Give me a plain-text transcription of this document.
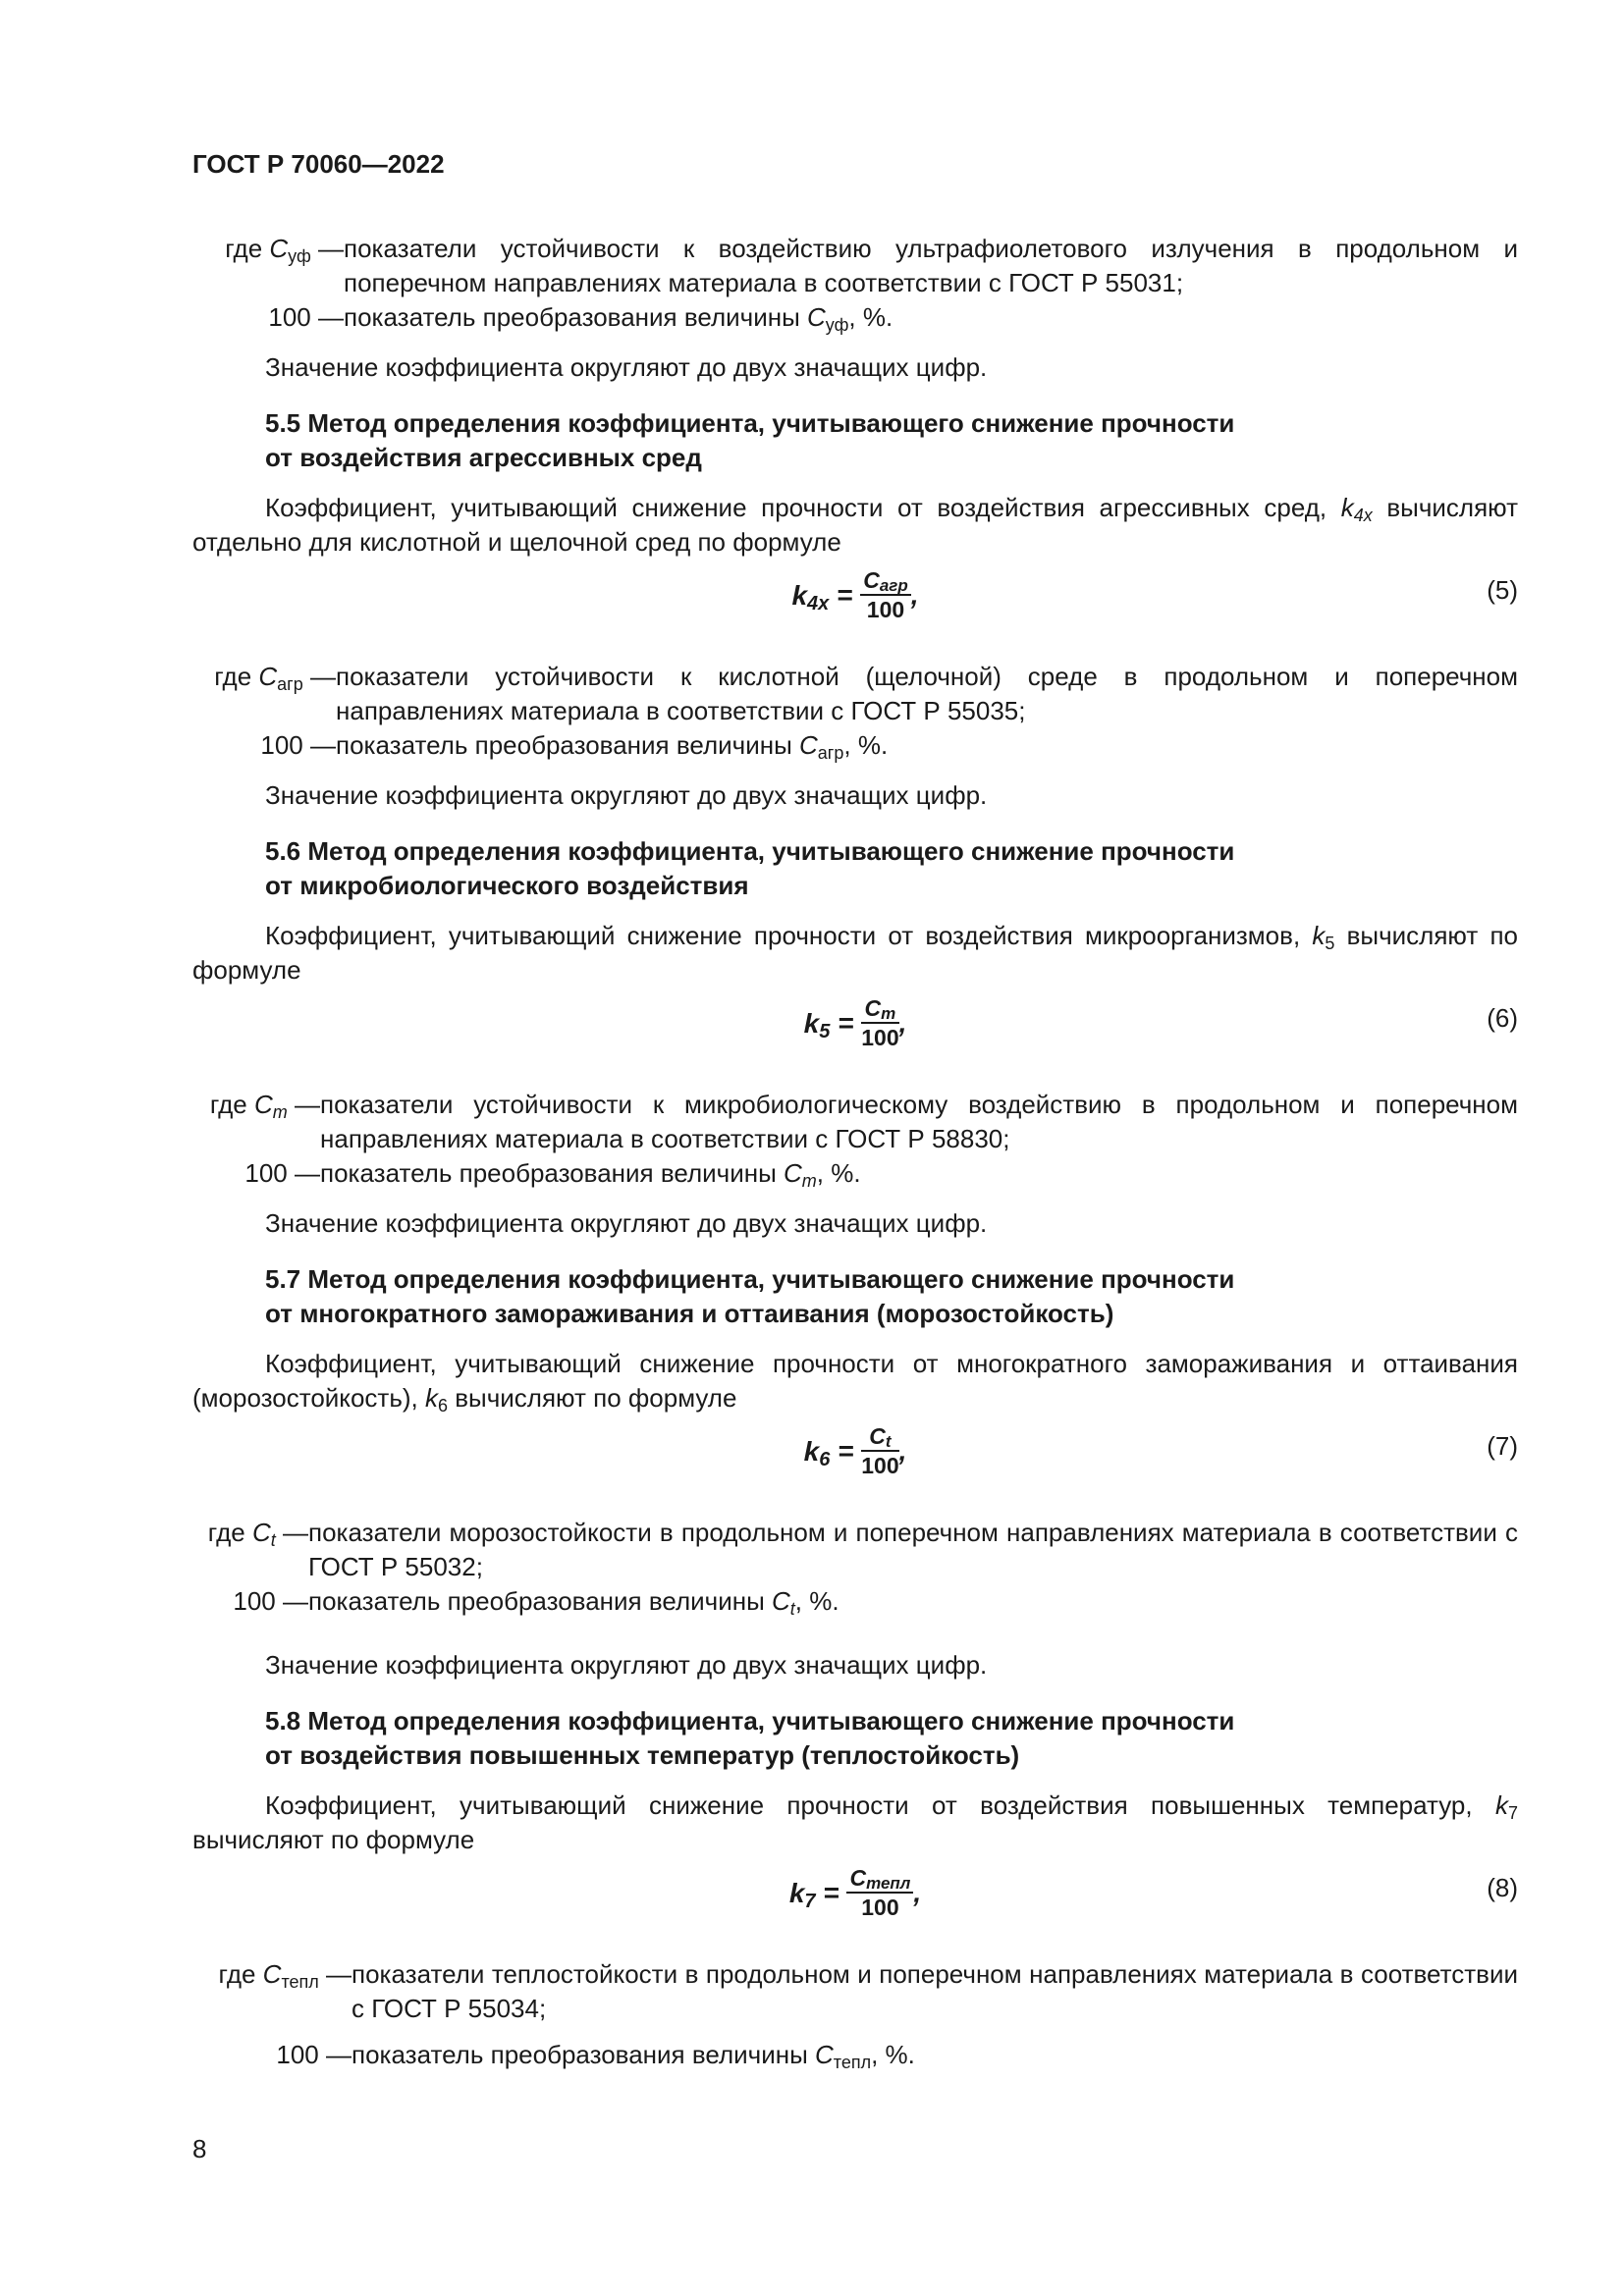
ГОСТ Р 70060—2022
где $C_{уф}$ — показатели устойчивости к воздействию ультрафиолетового излучения в продольном и поперечном направлениях материала в соответствии с ГОСТ Р 55031;
100 — показатель преобразования величины $C_{уф}$, %.

Значение коэффициента округляют до двух значащих цифр.

5.5 Метод определения коэффициента, учитывающего снижение прочности

от воздействия агрессивных сред

Коэффициент, учитывающий снижение прочности от воздействия агрессивных сред, $k_{4x}$ вычисляют отдельно для кислотной и щелочной сред по формуле

$k_{4x} = \frac{C_{агр}}{100}$ ,	(5)
где $C_{агр}$ — показатели устойчивости к кислотной (щелочной) среде в продольном и поперечном направлениях материала в соответствии с ГОСТ Р 55035;
100 — показатель преобразования величины $C_{агр}$, %.

Значение коэффициента округляют до двух значащих цифр.

5.6 Метод определения коэффициента, учитывающего снижение прочности

от микробиологического воздействия

Коэффициент, учитывающий снижение прочности от воздействия микроорганизмов, $k_5$ вычисляют по формуле

$k_5 = \frac{C_m}{100}$ ,	(6)
где $C_m$ — показатели устойчивости к микробиологическому воздействию в продольном и поперечном направлениях материала в соответствии с ГОСТ Р 58830;
100 — показатель преобразования величины $C_m$, %.

Значение коэффициента округляют до двух значащих цифр.

5.7 Метод определения коэффициента, учитывающего снижение прочности

от многократного замораживания и оттаивания (морозостойкость)

Коэффициент, учитывающий снижение прочности от многократного замораживания и оттаивания (морозостойкость), $k_6$ вычисляют по формуле

$k_6 = \frac{C_t}{100}$ ,	(7)
где $C_t$ — показатели морозостойкости в продольном и поперечном направлениях материала в соответствии с ГОСТ Р 55032;
100 — показатель преобразования величины $C_t$, %.

Значение коэффициента округляют до двух значащих цифр.

5.8 Метод определения коэффициента, учитывающего снижение прочности

от воздействия повышенных температур (теплостойкость)

Коэффициент, учитывающий снижение прочности от воздействия повышенных температур, $k_7$ вычисляют по формуле

$k_7 = \frac{C_{тепл}}{100}$ ,	(8)
где $C_{тепл}$ — показатели теплостойкости в продольном и поперечном направлениях материала в соответствии с ГОСТ Р 55034;
100 — показатель преобразования величины $C_{тепл}$, %.
8
